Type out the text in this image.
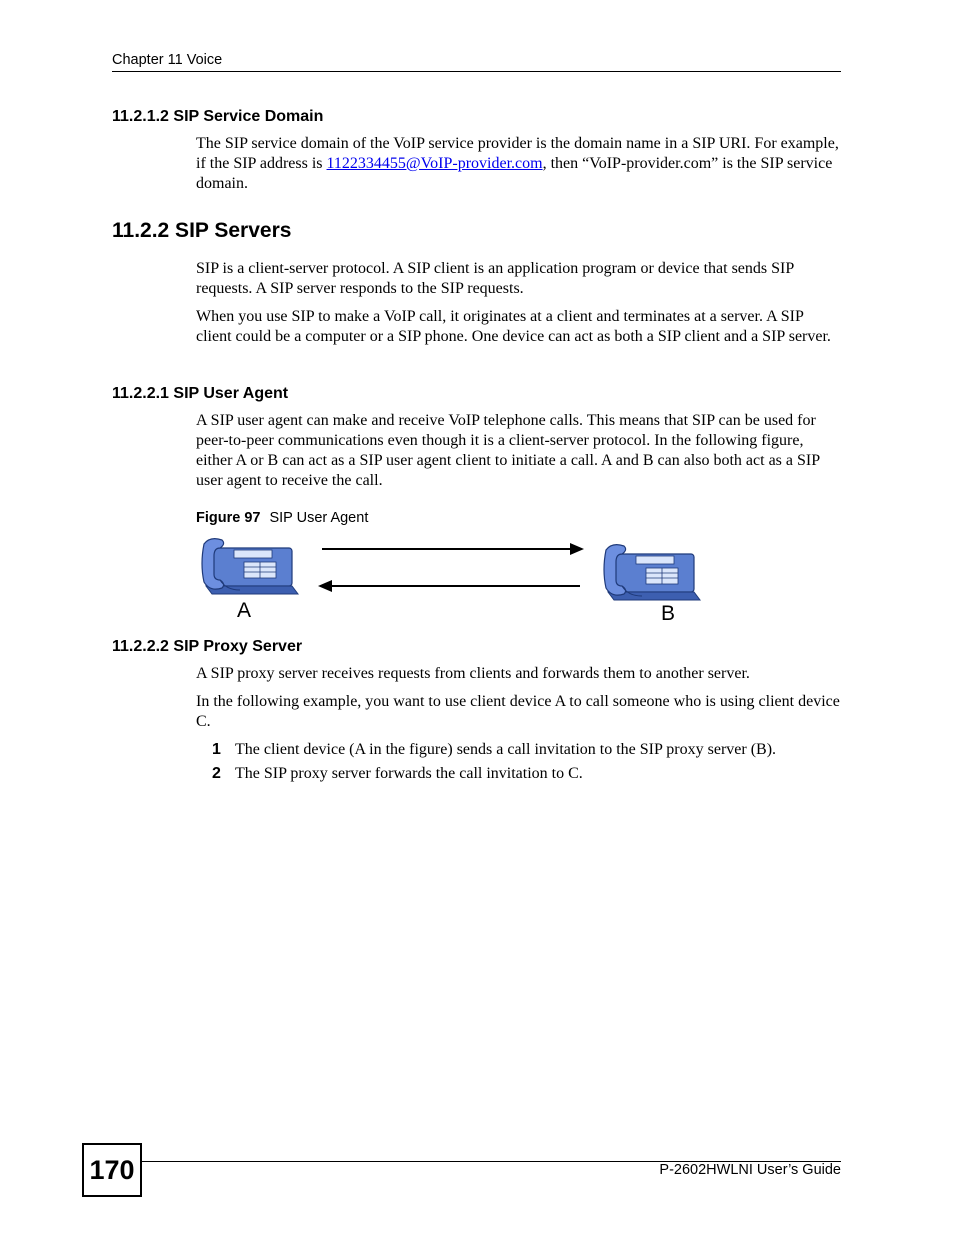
Chapter 11 Voice
11.2.1.2 SIP Service Domain
The SIP service domain of the VoIP service provider is the domain name in a SIP URI. For example, if the SIP address is 1122334455@VoIP-provider.com, then “VoIP-provider.com” is the SIP service domain.
11.2.2 SIP Servers
SIP is a client-server protocol. A SIP client is an application program or device that sends SIP requests. A SIP server responds to the SIP requests.
When you use SIP to make a VoIP call, it originates at a client and terminates at a server. A SIP client could be a computer or a SIP phone. One device can act as both a SIP client and a SIP server.
11.2.2.1 SIP User Agent
A SIP user agent can make and receive VoIP telephone calls. This means that SIP can be used for peer-to-peer communications even though it is a client-server protocol. In the following figure, either A or B can act as a SIP user agent client to initiate a call. A and B can also both act as a SIP user agent to receive the call.
Figure 97 SIP User Agent
A	B
11.2.2.2 SIP Proxy Server
A SIP proxy server receives requests from clients and forwards them to another server.
In the following example, you want to use client device A to call someone who is using client device C.
1 The client device (A in the figure) sends a call invitation to the SIP proxy server (B).
2 The SIP proxy server forwards the call invitation to C.
170	P-2602HWLNI User’s Guide
